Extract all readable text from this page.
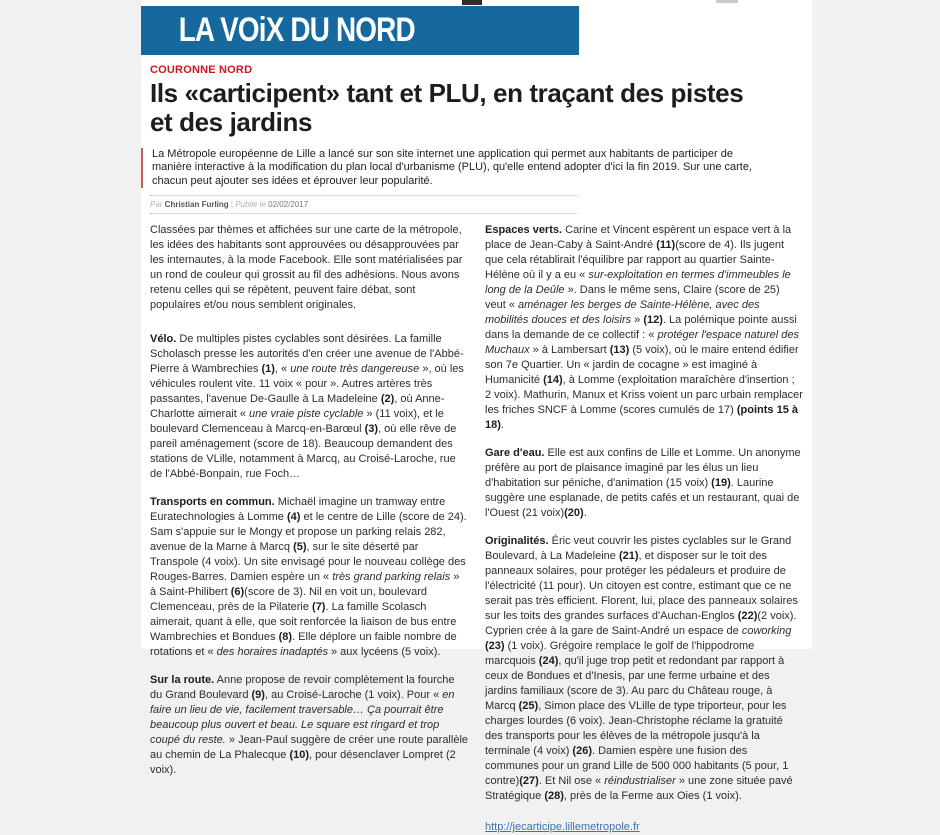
LA VOiX DU NORD
COURONNE NORD
Ils «carticipent» tant et PLU, en traçant des pistes et des jardins
La Métropole européenne de Lille a lancé sur son site internet une application qui permet aux habitants de participer de manière interactive à la modification du plan local d'urbanisme (PLU), qu'elle entend adopter d'ici la fin 2019. Sur une carte, chacun peut ajouter ses idées et éprouver leur popularité.
Par Christian Furling | Publié le 02/02/2017

Classées par thèmes et affichées sur une carte de la métropole, les idées des habitants sont approuvées ou désapprouvées par les internautes, à la mode Facebook. Elle sont matérialisées par un rond de couleur qui grossit au fil des adhésions. Nous avons retenu celles qui se répètent, peuvent faire débat, sont populaires et/ou nous semblent originales.

Vélo. De multiples pistes cyclables sont désirées. La famille Scholasch presse les autorités d'en créer une avenue de l'Abbé-Pierre à Wambrechies (1), « une route très dangereuse », où les véhicules roulent vite. 11 voix « pour ». Autres artères très passantes, l'avenue De-Gaulle à La Madeleine (2), où Anne-Charlotte aimerait « une vraie piste cyclable » (11 voix), et le boulevard Clemenceau à Marcq-en-Barœul (3), où elle rêve de pareil aménagement (score de 18). Beaucoup demandent des stations de VLille, notamment à Marcq, au Croisé-Laroche, rue de l'Abbé-Bonpain, rue Foch…

Transports en commun. Michaël imagine un tramway entre Euratechnologies à Lomme (4) et le centre de Lille (score de 24). Sam s'appuie sur le Mongy et propose un parking relais 282, avenue de la Marne à Marcq (5), sur le site déserté par Transpole (4 voix). Un site envisagé pour le nouveau collège des Rouges-Barres. Damien espère un « très grand parking relais » à Saint-Philibert (6)(score de 3). Nil en voit un, boulevard Clemenceau, près de la Pilaterie (7). La famille Scolasch aimerait, quant à elle, que soit renforcée la liaison de bus entre Wambrechies et Bondues (8). Elle déplore un faible nombre de rotations et « des horaires inadaptés » aux lycéens (5 voix).

Sur la route. Anne propose de revoir complètement la fourche du Grand Boulevard (9), au Croisé-Laroche (1 voix). Pour « en faire un lieu de vie, facilement traversable… Ça pourrait être beaucoup plus ouvert et beau. Le square est ringard et trop coupé du reste. » Jean-Paul suggère de créer une route parallèle au chemin de La Phalecque (10), pour désenclaver Lompret (2 voix).

Espaces verts. Carine et Vincent espèrent un espace vert à la place de Jean-Caby à Saint-André (11)(score de 4). Ils jugent que cela rétablirait l'équilibre par rapport au quartier Sainte-Hélène où il y a eu « sur-exploitation en termes d'immeubles le long de la Deûle ». Dans le même sens, Claire (score de 25) veut « aménager les berges de Sainte-Hélène, avec des mobilités douces et des loisirs » (12). La polémique pointe aussi dans la demande de ce collectif : « protéger l'espace naturel des Muchaux » à Lambersart (13) (5 voix), où le maire entend édifier son 7e Quartier. Un « jardin de cocagne » est imaginé à Humanicité (14), à Lomme (exploitation maraîchère d'insertion ; 2 voix). Mathurin, Manux et Kriss voient un parc urbain remplacer les friches SNCF à Lomme (scores cumulés de 17) (points 15 à 18).

Gare d'eau. Elle est aux confins de Lille et Lomme. Un anonyme préfère au port de plaisance imaginé par les élus un lieu d'habitation sur péniche, d'animation (15 voix) (19). Laurine suggère une esplanade, de petits cafés et un restaurant, quai de l'Ouest (21 voix)(20).

Originalités. Éric veut couvrir les pistes cyclables sur le Grand Boulevard, à La Madeleine (21), et disposer sur le toit des panneaux solaires, pour protéger les pédaleurs et produire de l'électricité (11 pour). Un citoyen est contre, estimant que ce ne serait pas très efficient. Florent, lui, place des panneaux solaires sur les toits des grandes surfaces d'Auchan-Englos (22)(2 voix). Cyprien crée à la gare de Saint-André un espace de coworking (23) (1 voix). Grégoire remplace le golf de l'hippodrome marcquois (24), qu'il juge trop petit et redondant par rapport à ceux de Bondues et d'Inesis, par une ferme urbaine et des jardins familiaux (score de 3). Au parc du Château rouge, à Marcq (25), Simon place des VLille de type triporteur, pour les charges lourdes (6 voix). Jean-Christophe réclame la gratuité des transports pour les élèves de la métropole jusqu'à la terminale (4 voix) (26). Damien espère une fusion des communes pour un grand Lille de 500 000 habitants (5 pour, 1 contre)(27). Et Nil ose « réindustrialiser » une zone située pavé Stratégique (28), près de la Ferme aux Oies (1 voix).

http://jecarticipe.lillemetropole.fr
